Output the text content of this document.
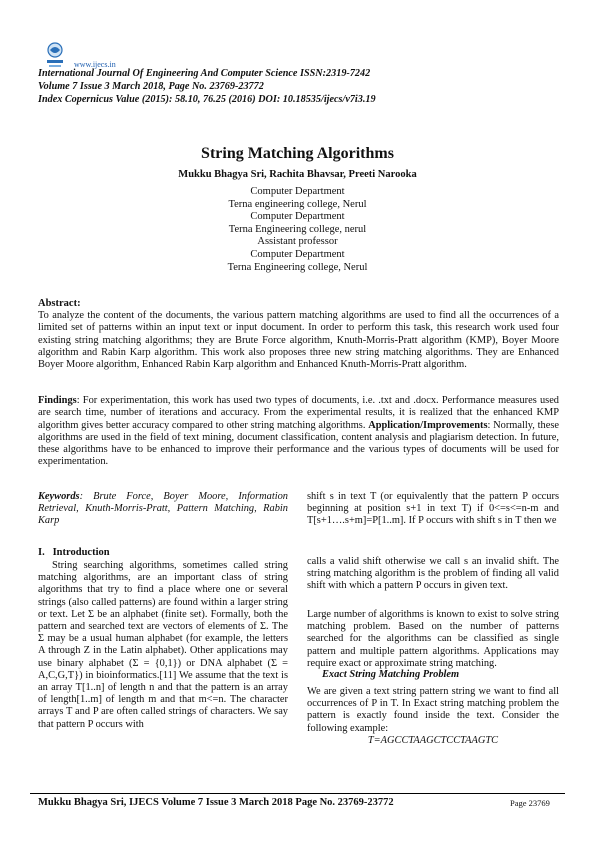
www.ijecs.in
International Journal Of Engineering And Computer Science ISSN:2319-7242
Volume 7 Issue 3 March 2018, Page No. 23769-23772
Index Copernicus Value (2015): 58.10, 76.25 (2016) DOI: 10.18535/ijecs/v7i3.19
String Matching Algorithms
Mukku Bhagya Sri, Rachita Bhavsar, Preeti Narooka
Computer Department
Terna engineering college, Nerul
Computer Department
Terna Engineering college, nerul
Assistant professor
Computer Department
Terna Engineering college, Nerul
Abstract:
To analyze the content of the documents, the various pattern matching algorithms are used to find all the occurrences of a limited set of patterns within an input text or input document. In order to perform this task, this research work used four existing string matching algorithms; they are Brute Force algorithm, Knuth-Morris-Pratt algorithm (KMP), Boyer Moore algorithm and Rabin Karp algorithm. This work also proposes three new string matching algorithms. They are Enhanced Boyer Moore algorithm, Enhanced Rabin Karp algorithm and Enhanced Knuth-Morris-Pratt algorithm.
Findings: For experimentation, this work has used two types of documents, i.e. .txt and .docx. Performance measures used are search time, number of iterations and accuracy. From the experimental results, it is realized that the enhanced KMP algorithm gives better accuracy compared to other string matching algorithms. Application/Improvements: Normally, these algorithms are used in the field of text mining, document classification, content analysis and plagiarism detection. In future, these algorithms have to be enhanced to improve their performance and the various types of documents will be used for experimentation.
Keywords: Brute Force, Boyer Moore, Information Retrieval, Knuth-Morris-Pratt, Pattern Matching, Rabin Karp
I.   Introduction
String searching algorithms, sometimes called string matching algorithms, are an important class of string algorithms that try to find a place where one or several strings (also called patterns) are found within a larger string or text. Let Σ be an alphabet (finite set). Formally, both the pattern and searched text are vectors of elements of Σ. The Σ may be a usual human alphabet (for example, the letters A through Z in the Latin alphabet). Other applications may use binary alphabet (Σ = {0,1}) or DNA alphabet (Σ = A,C,G,T}) in bioinformatics.[11] We assume that the text is an array T[1..n] of length n and that the pattern is an array of length[1..m] of length m and that m<=n. The character arrays T and P are often called strings of characters. We say that pattern P occurs with
shift s in text T (or equivalently that the pattern P occurs beginning at position s+1 in text T) if 0<=s<=n-m and T[s+1….s+m]=P[1..m]. If P occurs with shift s in T then we
calls a valid shift otherwise we call s an invalid shift. The string matching algorithm is the problem of finding all valid shift with which a pattern P occurs in given text.
Large number of algorithms is known to exist to solve string matching problem. Based on the number of patterns searched for the algorithms can be classified as single pattern and multiple pattern algorithms. Applications may require exact or approximate string matching.
Exact String Matching Problem
We are given a text string pattern string we want to find all occurrences of P in T. In Exact string matching problem the pattern is exactly found inside the text. Consider the following example:
T=AGCCTAAGCTCCTAAGTC
Mukku Bhagya Sri, IJECS Volume 7 Issue 3 March 2018 Page No. 23769-23772	Page 23769
